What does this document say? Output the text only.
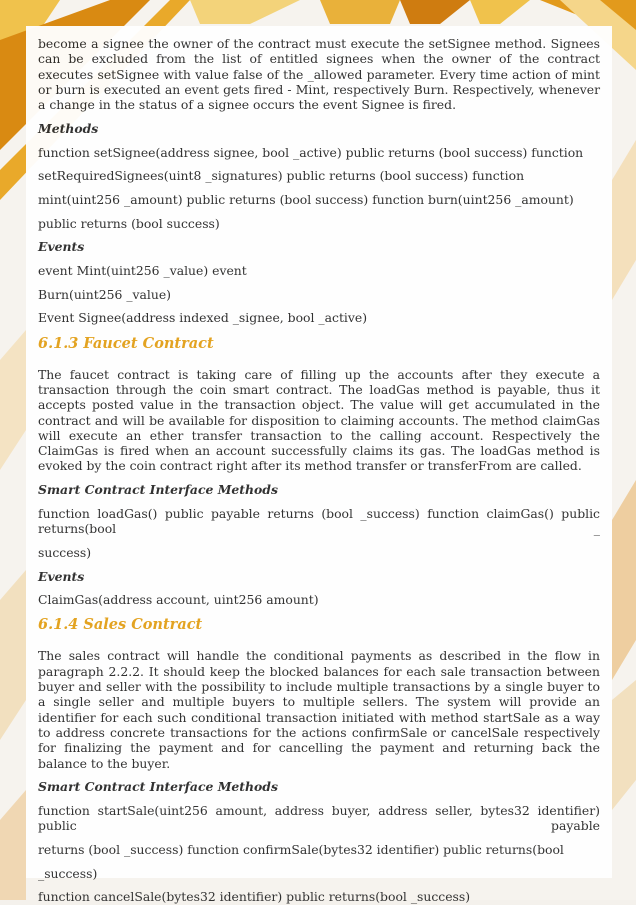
become a signee the owner of the contract must execute the setSignee method. Signees can be excluded from the list of entitled signees when the owner of the contract executes setSignee with value false of the _allowed parameter. Every time action of mint or burn is executed an event gets fired - Mint, respectively Burn. Respectively, whenever a change in the status of a signee occurs the event Signee is fired.

Methods

function setSignee(address signee, bool _active) public returns (bool success) function

setRequiredSignees(uint8 _signatures) public returns (bool success) function

mint(uint256 _amount) public returns (bool success) function burn(uint256 _amount)

public returns (bool success)

Events

event Mint(uint256 _value) event

Burn(uint256 _value)

Event Signee(address indexed _signee, bool _active)

6.1.3 Faucet Contract

The faucet contract is taking care of filling up the accounts after they execute a transaction through the coin smart contract. The loadGas method is payable, thus it accepts posted value in the transaction object. The value will get accumulated in the contract and will be available for disposition to claiming accounts. The method claimGas will execute an ether transfer transaction to the calling account. Respectively the ClaimGas is fired when an account successfully claims its gas. The loadGas method is evoked by the coin contract right after its method transfer or transferFrom are called.

Smart Contract Interface Methods

function loadGas() public payable returns (bool _success) function claimGas() public returns(bool _

success)

Events

ClaimGas(address account, uint256 amount)

6.1.4 Sales Contract

The sales contract will handle the conditional payments as described in the flow in paragraph 2.2.2. It should keep the blocked balances for each sale transaction between buyer and seller with the possibility to include multiple transactions by a single buyer to a single seller and multiple buyers to multiple sellers. The system will provide an identifier for each such conditional transaction initiated with method startSale as a way to address concrete transactions for the actions confirmSale or cancelSale respectively for finalizing the payment and for cancelling the payment and returning back the balance to the buyer.

Smart Contract Interface Methods

function startSale(uint256 amount, address buyer, address seller, bytes32 identifier) public payable

returns (bool _success) function confirmSale(bytes32 identifier) public returns(bool

_success)

function cancelSale(bytes32 identifier) public returns(bool _success)
